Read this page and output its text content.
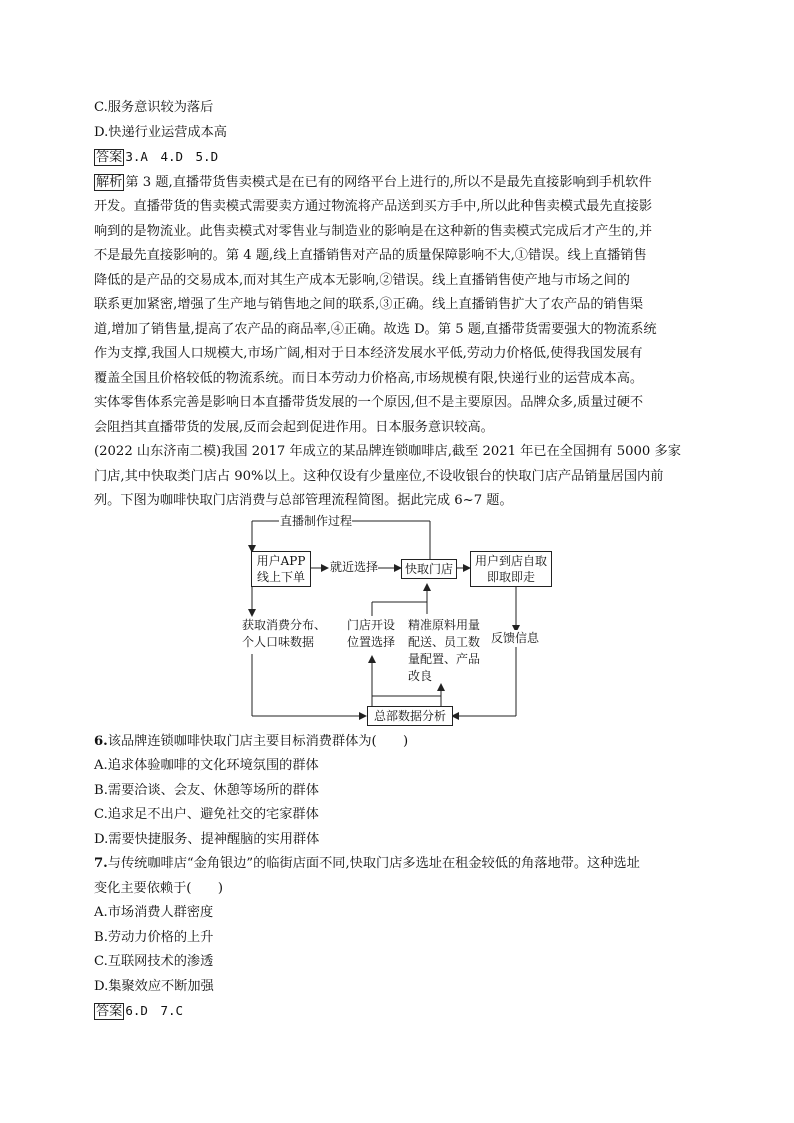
C.服务意识较为落后
D.快递行业运营成本高
答案 3.A　4.D　5.D
解析 第 3 题,直播带货售卖模式是在已有的网络平台上进行的,所以不是最先直接影响到手机软件
开发。直播带货的售卖模式需要卖方通过物流将产品送到买方手中,所以此种售卖模式最先直接影
响到的是物流业。此售卖模式对零售业与制造业的影响是在这种新的售卖模式完成后才产生的,并
不是最先直接影响的。第 4 题,线上直播销售对产品的质量保障影响不大,①错误。线上直播销售
降低的是产品的交易成本,而对其生产成本无影响,②错误。线上直播销售使产地与市场之间的
联系更加紧密,增强了生产地与销售地之间的联系,③正确。线上直播销售扩大了农产品的销售渠
道,增加了销售量,提高了农产品的商品率,④正确。故选 D。第 5 题,直播带货需要强大的物流系统
作为支撑,我国人口规模大,市场广阔,相对于日本经济发展水平低,劳动力价格低,使得我国发展有
覆盖全国且价格较低的物流系统。而日本劳动力价格高,市场规模有限,快递行业的运营成本高。
实体零售体系完善是影响日本直播带货发展的一个原因,但不是主要原因。品牌众多,质量过硬不
会阻挡其直播带货的发展,反而会起到促进作用。日本服务意识较高。
(2022 山东济南二模)我国 2017 年成立的某品牌连锁咖啡店,截至 2021 年已在全国拥有 5000 多家
门店,其中快取类门店占 90%以上。这种仅设有少量座位,不设收银台的快取门店产品销量居国内前
列。下图为咖啡快取门店消费与总部管理流程简图。据此完成 6~7 题。
直播制作过程
用户APP
线上下单
就近选择	快取门店
用户到店自取
即取即走
获取消费分布、
个人口味数据
门店开设
位置选择
精准原料用量
配送、员工数
量配置、产品
改良
反馈信息
总部数据分析
6.该品牌连锁咖啡快取门店主要目标消费群体为(　　)
A.追求体验咖啡的文化环境氛围的群体
B.需要洽谈、会友、休憩等场所的群体
C.追求足不出户、避免社交的宅家群体
D.需要快捷服务、提神醒脑的实用群体
7.与传统咖啡店“金角银边”的临街店面不同,快取门店多选址在租金较低的角落地带。这种选址
变化主要依赖于(　　)
A.市场消费人群密度
B.劳动力价格的上升
C.互联网技术的渗透
D.集聚效应不断加强
答案 6.D　7.C
